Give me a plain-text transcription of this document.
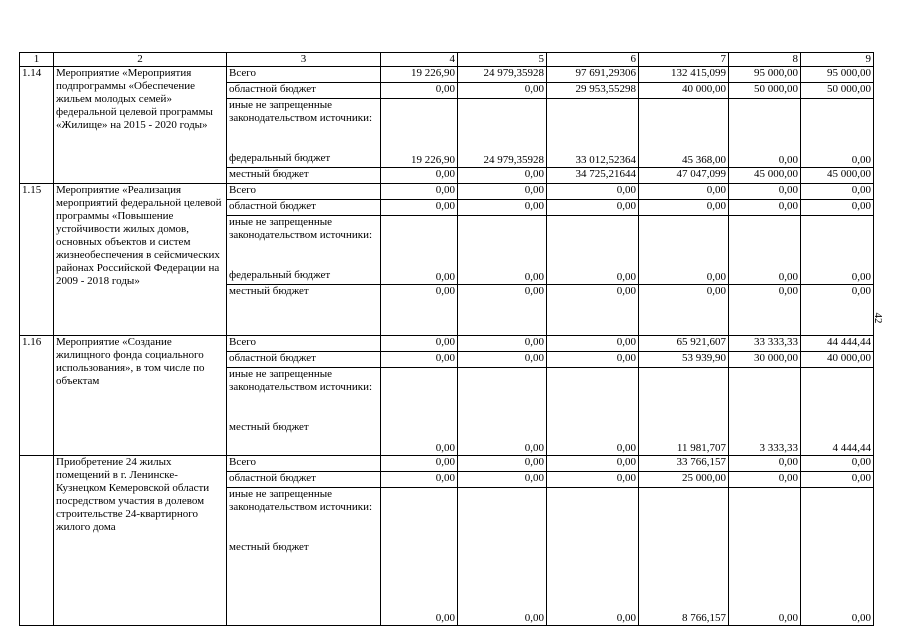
1	2	3	4	5	6	7	8	9
1.14	Мероприятие «Мероприятия подпрограммы «Обеспечение жильем молодых семей» федеральной целевой программы «Жилище» на 2015 - 2020 годы»	Всего	19 226,90	24 979,35928	97 691,29306	132 415,099	95 000,00	95 000,00
		областной бюджет	0,00	0,00	29 953,55298	40 000,00	50 000,00	50 000,00
		иные не запрещенные законодательством источники:						
		федеральный бюджет	19 226,90	24 979,35928	33 012,52364	45 368,00	0,00	0,00
		местный бюджет	0,00	0,00	34 725,21644	47 047,099	45 000,00	45 000,00
1.15	Мероприятие «Реализация мероприятий федеральной целевой программы «Повышение устойчивости жилых домов, основных объектов и систем жизнеобеспечения в сейсмических районах Российской Федерации на 2009 - 2018 годы»	Всего	0,00	0,00	0,00	0,00	0,00	0,00
		областной бюджет	0,00	0,00	0,00	0,00	0,00	0,00
		иные не запрещенные законодательством источники:						
		федеральный бюджет	0,00	0,00	0,00	0,00	0,00	0,00
		местный бюджет	0,00	0,00	0,00	0,00	0,00	0,00
1.16	Мероприятие «Создание жилищного фонда социального использования», в том числе по объектам	Всего	0,00	0,00	0,00	65 921,607	33 333,33	44 444,44
		областной бюджет	0,00	0,00	0,00	53 939,90	30 000,00	40 000,00
		иные не запрещенные законодательством источники:						
		местный бюджет	0,00	0,00	0,00	11 981,707	3 333,33	4 444,44
	Приобретение 24 жилых помещений в г. Ленинске-Кузнецком Кемеровской области посредством участия в долевом строительстве 24-квартирного жилого дома	Всего	0,00	0,00	0,00	33 766,157	0,00	0,00
		областной бюджет	0,00	0,00	0,00	25 000,00	0,00	0,00
		иные не запрещенные законодательством источники:						
		местный бюджет	0,00	0,00	0,00	8 766,157	0,00	0,00
42
